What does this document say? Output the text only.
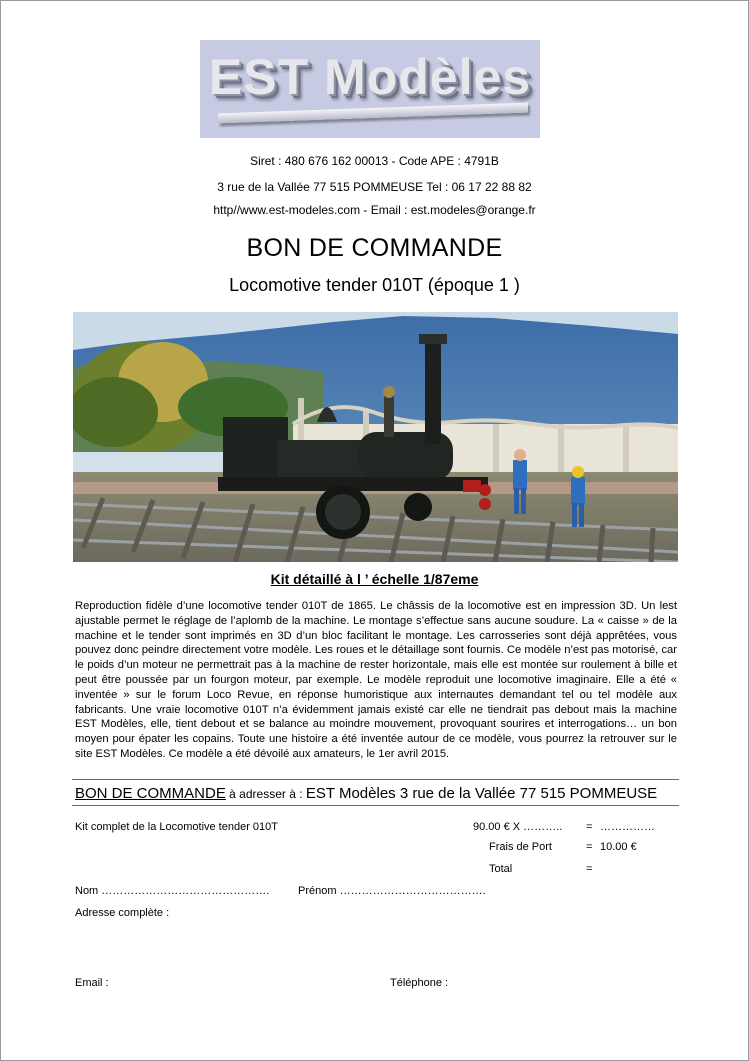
EST Modèles
Siret : 480 676 162 00013 - Code APE : 4791B
3 rue de la Vallée 77 515 POMMEUSE Tel : 06 17 22 88 82
http//www.est-modeles.com - Email : est.modeles@orange.fr
BON DE COMMANDE
Locomotive tender 010T (époque 1 )
Kit détaillé à l ’ échelle 1/87eme

Reproduction fidèle d’une locomotive tender 010T de 1865. Le châssis de la locomotive est en impression 3D. Un lest ajustable permet le réglage de l’aplomb de la machine. Le montage s’effectue sans aucune soudure. La « caisse » de la machine et le tender sont imprimés en 3D d’un bloc facilitant le montage. Les carrosseries sont déjà apprêtées, vous pouvez donc peindre directement votre modèle. Les roues et le détaillage sont fournis. Ce modèle n’est pas motorisé, car le poids d’un moteur ne permettrait pas à la machine de rester horizontale, mais elle est montée sur roulement à bille et peut être poussée par un fourgon moteur, par exemple. Le modèle reproduit une locomotive imaginaire. Elle a été « inventée » sur le forum Loco Revue, en réponse humoristique aux internautes demandant tel ou tel modèle aux fabricants. Une vraie locomotive 010T n’a évidemment jamais existé car elle ne tiendrait pas debout mais la machine EST Modèles, elle, tient debout et se balance au moindre mouvement, provoquant sourires et interrogations… un bon moyen pour épater les copains. Toute une histoire a été inventée autour de ce modèle, vous pourrez la retrouver sur le site EST Modèles. Ce modèle a été dévoilé aux amateurs, le 1er avril 2015.

BON DE COMMANDE à adresser à : EST Modèles 3 rue de la Vallée 77 515 POMMEUSE
Kit complet de la Locomotive tender 010T	90.00 € X ……….. = ……………
Frais de Port	= 10.00 €
Total	=
Nom ……………………………………….	Prénom ………………………………….
Adresse complète :
Email :	Téléphone :
